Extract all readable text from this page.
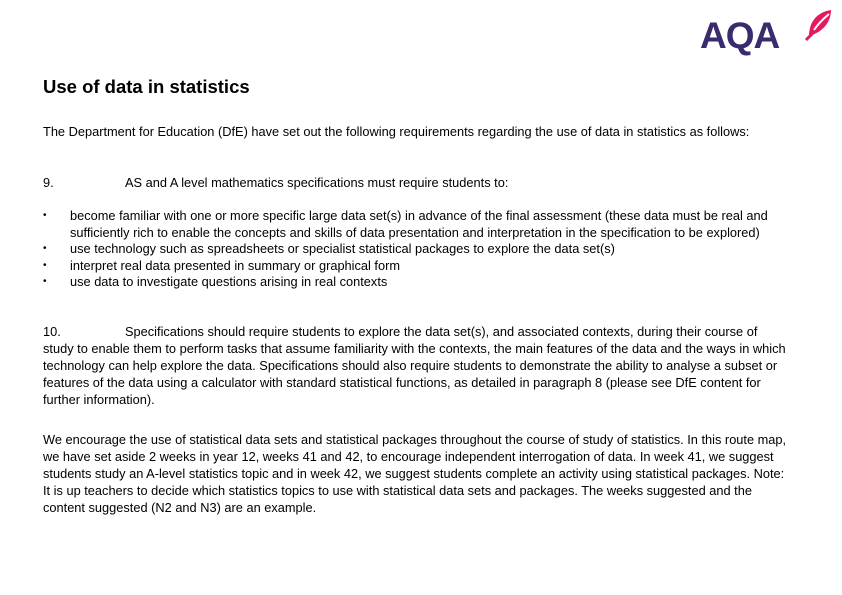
AQA
Use of data in statistics

The Department for Education (DfE) have set out the following requirements regarding the use of data in statistics as follows:

9.	AS and A level mathematics specifications must require students to:

• become familiar with one or more specific large data set(s) in advance of the final assessment (these data must be real and sufficiently rich to enable the concepts and skills of data presentation and interpretation in the specification to be explored)
• use technology such as spreadsheets or specialist statistical packages to explore the data set(s)
• interpret real data presented in summary or graphical form
• use data to investigate questions arising in real contexts

10.	Specifications should require students to explore the data set(s), and associated contexts, during their course of study to enable them to perform tasks that assume familiarity with the contexts, the main features of the data and the ways in which technology can help explore the data. Specifications should also require students to demonstrate the ability to analyse a subset or features of the data using a calculator with standard statistical functions, as detailed in paragraph 8 (please see DfE content for further information).

We encourage the use of statistical data sets and statistical packages throughout the course of study of statistics. In this route map, we have set aside 2 weeks in year 12, weeks 41 and 42, to encourage independent interrogation of data. In week 41, we suggest students study an A-level statistics topic and in week 42, we suggest students complete an activity using statistical packages. Note: It is up teachers to decide which statistics topics to use with statistical data sets and packages. The weeks suggested and the content suggested (N2 and N3) are an example.
